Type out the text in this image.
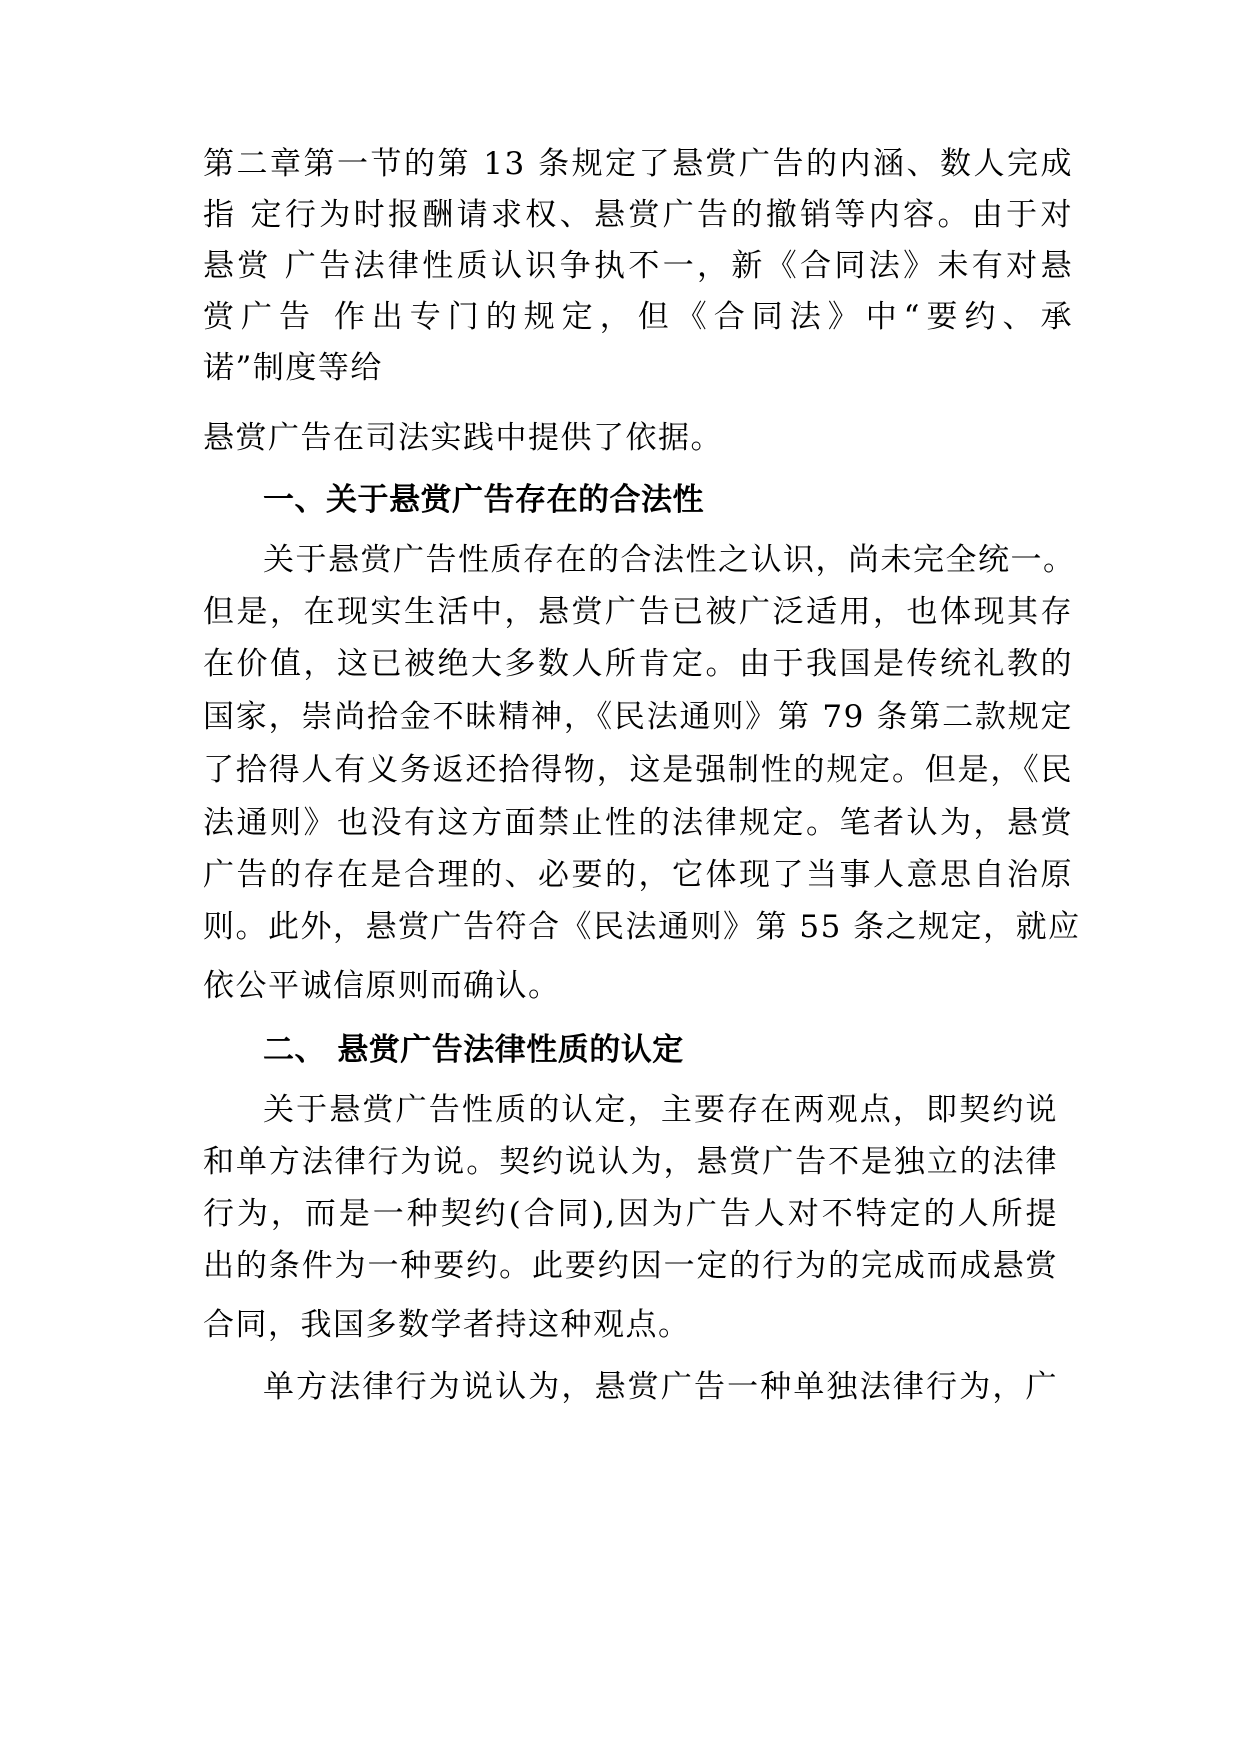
第二章第一节的第 13 条规定了悬赏广告的内涵、数人完成
指 定行为时报酬请求权、悬赏广告的撤销等内容。由于对
悬赏 广告法律性质认识争执不一，新《合同法》未有对悬
赏广告 作出专门的规定，但《合同法》中“要约、承
诺”制度等给
悬赏广告在司法实践中提供了依据。
一、关于悬赏广告存在的合法性
关于悬赏广告性质存在的合法性之认识，尚未完全统一。
但是，在现实生活中，悬赏广告已被广泛适用，也体现其存
在价值，这已被绝大多数人所肯定。由于我国是传统礼教的
国家，崇尚拾金不昧精神，《民法通则》第 79 条第二款规定
了拾得人有义务返还拾得物，这是强制性的规定。但是，《民
法通则》也没有这方面禁止性的法律规定。笔者认为，悬赏
广告的存在是合理的、必要的，它体现了当事人意思自治原
则。此外，悬赏广告符合《民法通则》第 55 条之规定，就应
依公平诚信原则而确认。
二、 悬赏广告法律性质的认定
关于悬赏广告性质的认定，主要存在两观点，即契约说
和单方法律行为说。契约说认为，悬赏广告不是独立的法律
行为，而是一种契约(合同),因为广告人对不特定的人所提
出的条件为一种要约。此要约因一定的行为的完成而成悬赏
合同，我国多数学者持这种观点。
单方法律行为说认为，悬赏广告一种单独法律行为，广
